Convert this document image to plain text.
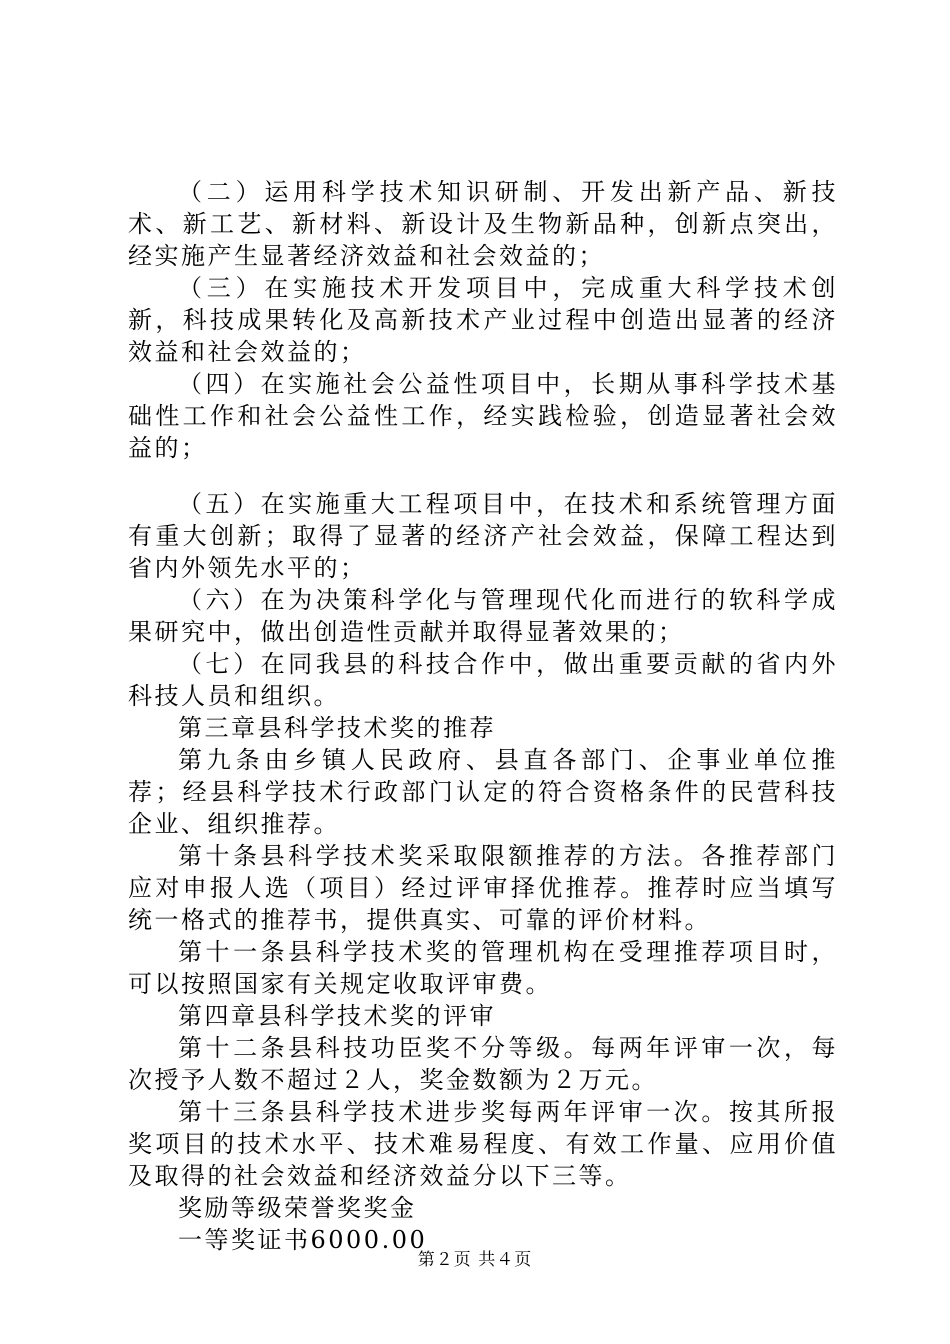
（二）运用科学技术知识研制、开发出新产品、新技术、新工艺、新材料、新设计及生物新品种，创新点突出，经实施产生显著经济效益和社会效益的；

（三）在实施技术开发项目中，完成重大科学技术创新，科技成果转化及高新技术产业过程中创造出显著的经济效益和社会效益的；

（四）在实施社会公益性项目中，长期从事科学技术基础性工作和社会公益性工作，经实践检验，创造显著社会效益的；

（五）在实施重大工程项目中，在技术和系统管理方面有重大创新；取得了显著的经济产社会效益，保障工程达到省内外领先水平的；

（六）在为决策科学化与管理现代化而进行的软科学成果研究中，做出创造性贡献并取得显著效果的；

（七）在同我县的科技合作中，做出重要贡献的省内外科技人员和组织。

第三章县科学技术奖的推荐

第九条由乡镇人民政府、县直各部门、企事业单位推荐；经县科学技术行政部门认定的符合资格条件的民营科技企业、组织推荐。

第十条县科学技术奖采取限额推荐的方法。各推荐部门应对申报人选（项目）经过评审择优推荐。推荐时应当填写统一格式的推荐书，提供真实、可靠的评价材料。

第十一条县科学技术奖的管理机构在受理推荐项目时，可以按照国家有关规定收取评审费。

第四章县科学技术奖的评审

第十二条县科技功臣奖不分等级。每两年评审一次，每次授予人数不超过２人，奖金数额为２万元。

第十三条县科学技术进步奖每两年评审一次。按其所报奖项目的技术水平、技术难易程度、有效工作量、应用价值及取得的社会效益和经济效益分以下三等。

奖励等级荣誉奖奖金

一等奖证书6000.00

第２页 共４页
